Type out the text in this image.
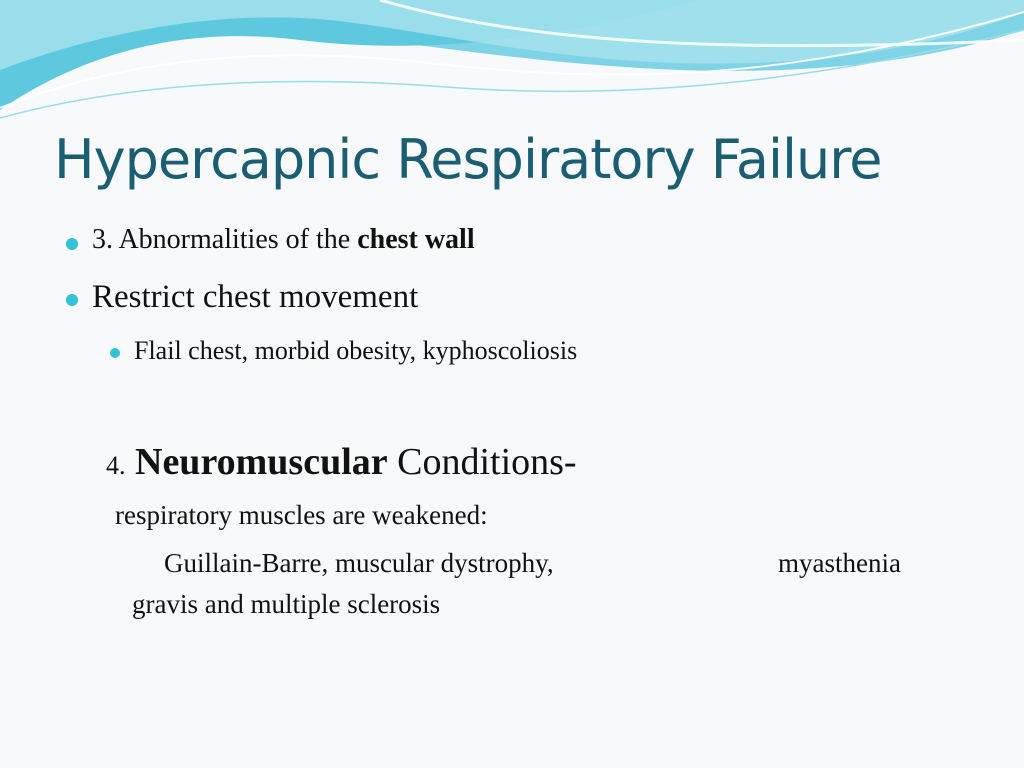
Hypercapnic Respiratory Failure
3. Abnormalities of the chest wall
Restrict chest movement
Flail chest, morbid obesity, kyphoscoliosis
4. Neuromuscular Conditions-
respiratory muscles are weakened:
Guillain-Barre, muscular dystrophy,	myasthenia
gravis and multiple sclerosis
